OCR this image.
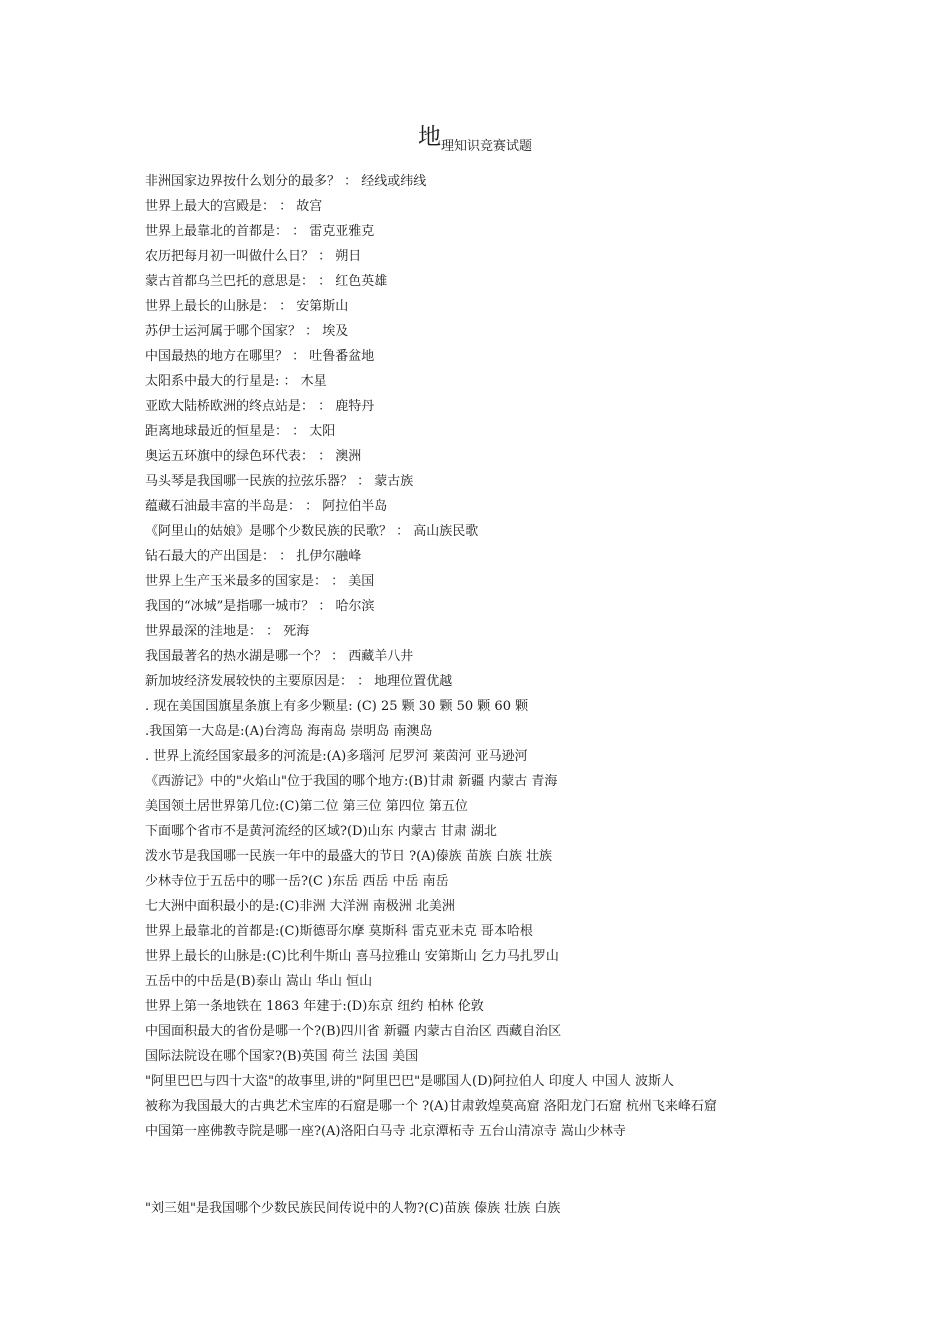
地$_{理知识竞赛试题}$
非洲国家边界按什么划分的最多？ ： 经线或纬线
世界上最大的宫殿是： ： 故宫
世界上最靠北的首都是： ： 雷克亚雅克
农历把每月初一叫做什么日？ ： 朔日
蒙古首都乌兰巴托的意思是： ： 红色英雄
世界上最长的山脉是： ： 安第斯山
苏伊士运河属于哪个国家？ ： 埃及
中国最热的地方在哪里？ ： 吐鲁番盆地
太阳系中最大的行星是: ： 木星
亚欧大陆桥欧洲的终点站是： ： 鹿特丹
距离地球最近的恒星是： ： 太阳
奥运五环旗中的绿色环代表： ： 澳洲
马头琴是我国哪一民族的拉弦乐器？ ： 蒙古族
蕴藏石油最丰富的半岛是： ： 阿拉伯半岛
《阿里山的姑娘》是哪个少数民族的民歌？ ： 高山族民歌
钻石最大的产出国是： ： 扎伊尔融峰
世界上生产玉米最多的国家是： ： 美国
我国的“冰城”是指哪一城市？ ： 哈尔滨
世界最深的洼地是： ： 死海
我国最著名的热水湖是哪一个？ ： 西藏羊八井
新加坡经济发展较快的主要原因是： ： 地理位置优越
. 现在美国国旗星条旗上有多少颗星: (C) 25 颗 30 颗 50 颗 60 颗
.我国第一大岛是:(A)台湾岛 海南岛 崇明岛 南澳岛
. 世界上流经国家最多的河流是:(A)多瑙河 尼罗河 莱茵河 亚马逊河
《西游记》中的"火焰山"位于我国的哪个地方:(B)甘肃 新疆 内蒙古 青海
美国领土居世界第几位:(C)第二位 第三位 第四位 第五位
下面哪个省市不是黄河流经的区域?(D)山东 内蒙古 甘肃 湖北
泼水节是我国哪一民族一年中的最盛大的节日 ?(A)傣族 苗族 白族 壮族
少林寺位于五岳中的哪一岳?(C )东岳 西岳 中岳 南岳
七大洲中面积最小的是:(C)非洲 大洋洲 南极洲 北美洲
世界上最靠北的首都是:(C)斯德哥尔摩 莫斯科 雷克亚未克 哥本哈根
世界上最长的山脉是:(C)比利牛斯山 喜马拉雅山 安第斯山 乞力马扎罗山
五岳中的中岳是(B)泰山 嵩山 华山 恒山
世界上第一条地铁在 1863 年建于:(D)东京 纽约 柏林 伦敦
中国面积最大的省份是哪一个?(B)四川省 新疆 内蒙古自治区 西藏自治区
国际法院设在哪个国家?(B)英国 荷兰 法国 美国
"阿里巴巴与四十大盗"的故事里,讲的"阿里巴巴"是哪国人(D)阿拉伯人 印度人 中国人 波斯人
被称为我国最大的古典艺术宝库的石窟是哪一个 ?(A)甘肃敦煌莫高窟 洛阳龙门石窟 杭州飞来峰石窟
中国第一座佛教寺院是哪一座?(A)洛阳白马寺 北京潭柘寺 五台山清凉寺 嵩山少林寺
"刘三姐"是我国哪个少数民族民间传说中的人物?(C)苗族 傣族 壮族 白族
